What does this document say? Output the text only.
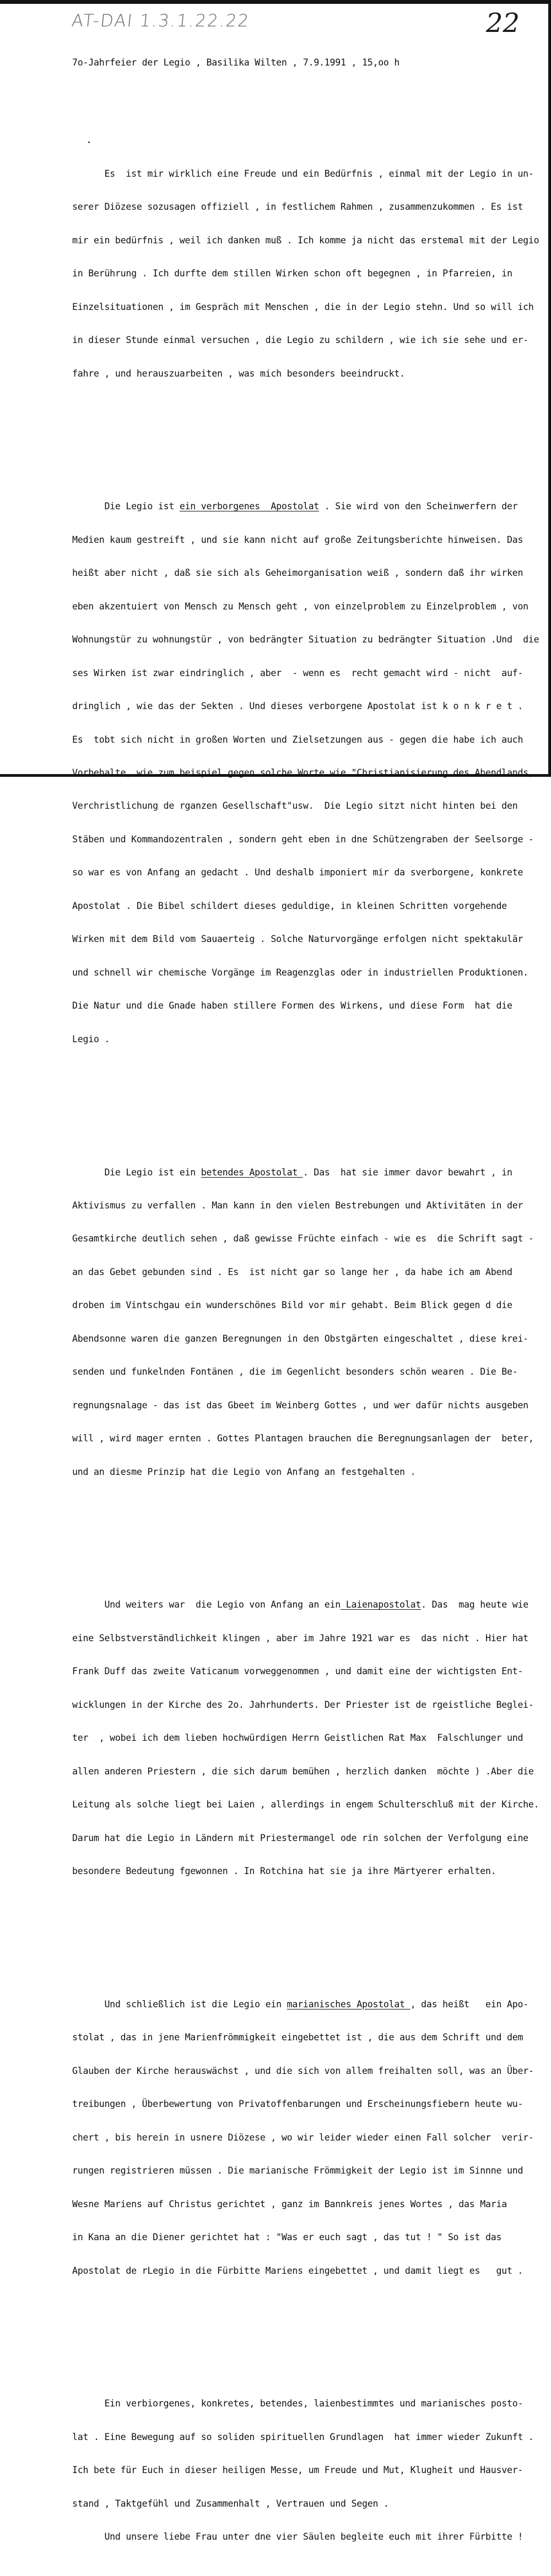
AT-DAI 1.3.1.22.22	22

7o-Jahrfeier der Legio , Basilika Wilten , 7.9.1991 , 15,oo h

Es  ist mir wirklich eine Freude und ein Bedürfnis , einmal mit der Legio in un-

serer Diözese sozusagen offiziell , in festlichem Rahmen , zusammenzukommen . Es ist

mir ein bedürfnis , weil ich danken muß . Ich komme ja nicht das erstemal mit der Legio

in Berührung . Ich durfte dem stillen Wirken schon oft begegnen , in Pfarreien, in

Einzelsituationen , im Gespräch mit Menschen , die in der Legio stehn. Und so will ich

in dieser Stunde einmal versuchen , die Legio zu schildern , wie ich sie sehe und er-

fahre , und herauszuarbeiten , was mich besonders beeindruckt.

Die Legio ist ein verborgenes  Apostolat . Sie wird von den Scheinwerfern der

Medien kaum gestreift , und sie kann nicht auf große Zeitungsberichte hinweisen. Das

heißt aber nicht , daß sie sich als Geheimorganisation weiß , sondern daß ihr wirken

eben akzentuiert von Mensch zu Mensch geht , von einzelproblem zu Einzelproblem , von

Wohnungstür zu wohnungstür , von bedrängter Situation zu bedrängter Situation .Und  die

ses Wirken ist zwar eindringlich , aber  - wenn es  recht gemacht wird - nicht  auf-

dringlich , wie das der Sekten . Und dieses verborgene Apostolat ist k o n k r e t .

Es  tobt sich nicht in großen Worten und Zielsetzungen aus - gegen die habe ich auch

Vorbehalte, wie zum beispiel gegen solche Worte wie "Christianisierung des Abendlands,

Verchristlichung de rganzen Gesellschaft"usw.  Die Legio sitzt nicht hinten bei den

Stäben und Kommandozentralen , sondern geht eben in dne Schützengraben der Seelsorge -

so war es von Anfang an gedacht . Und deshalb imponiert mir da sverborgene, konkrete

Apostolat . Die Bibel schildert dieses geduldige, in kleinen Schritten vorgehende

Wirken mit dem Bild vom Sauaerteig . Solche Naturvorgänge erfolgen nicht spektakulär

und schnell wir chemische Vorgänge im Reagenzglas oder in industriellen Produktionen.

Die Natur und die Gnade haben stillere Formen des Wirkens, und diese Form  hat die

Legio .

Die Legio ist ein betendes Apostolat . Das  hat sie immer davor bewahrt , in

Aktivismus zu verfallen . Man kann in den vielen Bestrebungen und Aktivitäten in der

Gesamtkirche deutlich sehen , daß gewisse Früchte einfach - wie es  die Schrift sagt -

an das Gebet gebunden sind . Es  ist nicht gar so lange her , da habe ich am Abend

droben im Vintschgau ein wunderschönes Bild vor mir gehabt. Beim Blick gegen d die

Abendsonne waren die ganzen Beregnungen in den Obstgärten eingeschaltet , diese krei-

senden und funkelnden Fontänen , die im Gegenlicht besonders schön wearen . Die Be-

regnungsnalage - das ist das Gbeet im Weinberg Gottes , und wer dafür nichts ausgeben

will , wird mager ernten . Gottes Plantagen brauchen die Beregnungsanlagen der  beter,

und an diesme Prinzip hat die Legio von Anfang an festgehalten .

Und weiters war  die Legio von Anfang an ein Laienapostolat. Das  mag heute wie

eine Selbstverständlichkeit klingen , aber im Jahre 1921 war es  das nicht . Hier hat

Frank Duff das zweite Vaticanum vorweggenommen , und damit eine der wichtigsten Ent-

wicklungen in der Kirche des 2o. Jahrhunderts. Der Priester ist de rgeistliche Beglei-

ter  , wobei ich dem lieben hochwürdigen Herrn Geistlichen Rat Max  Falschlunger und

allen anderen Priestern , die sich darum bemühen , herzlich danken  möchte ) .Aber die

Leitung als solche liegt bei Laien , allerdings in engem Schulterschluß mit der Kirche.

Darum hat die Legio in Ländern mit Priestermangel ode rin solchen der Verfolgung eine

besondere Bedeutung fgewonnen . In Rotchina hat sie ja ihre Märtyerer erhalten.

Und schließlich ist die Legio ein marianisches Apostolat , das heißt   ein Apo-

stolat , das in jene Marienfrömmigkeit eingebettet ist , die aus dem Schrift und dem

Glauben der Kirche herauswächst , und die sich von allem freihalten soll, was an Über-

treibungen , Überbewertung von Privatoffenbarungen und Erscheinungsfiebern heute wu-

chert , bis herein in usnere Diözese , wo wir leider wieder einen Fall solcher  verir-

rungen registrieren müssen . Die marianische Frömmigkeit der Legio ist im Sinnne und

Wesne Mariens auf Christus gerichtet , ganz im Bannkreis jenes Wortes , das Maria

in Kana an die Diener gerichtet hat : "Was er euch sagt , das tut ! " So ist das

Apostolat de rLegio in die Fürbitte Mariens eingebettet , und damit liegt es   gut .

Ein verbiorgenes, konkretes, betendes, laienbestimmtes und marianisches posto-

lat . Eine Bewegung auf so soliden spirituellen Grundlagen  hat immer wieder Zukunft .

Ich bete für Euch in dieser heiligen Messe, um Freude und Mut, Klugheit und Hausver-

stand , Taktgefühl und Zusammenhalt , Vertrauen und Segen .

Und unsere liebe Frau unter dne vier Säulen begleite euch mit ihrer Fürbitte !
